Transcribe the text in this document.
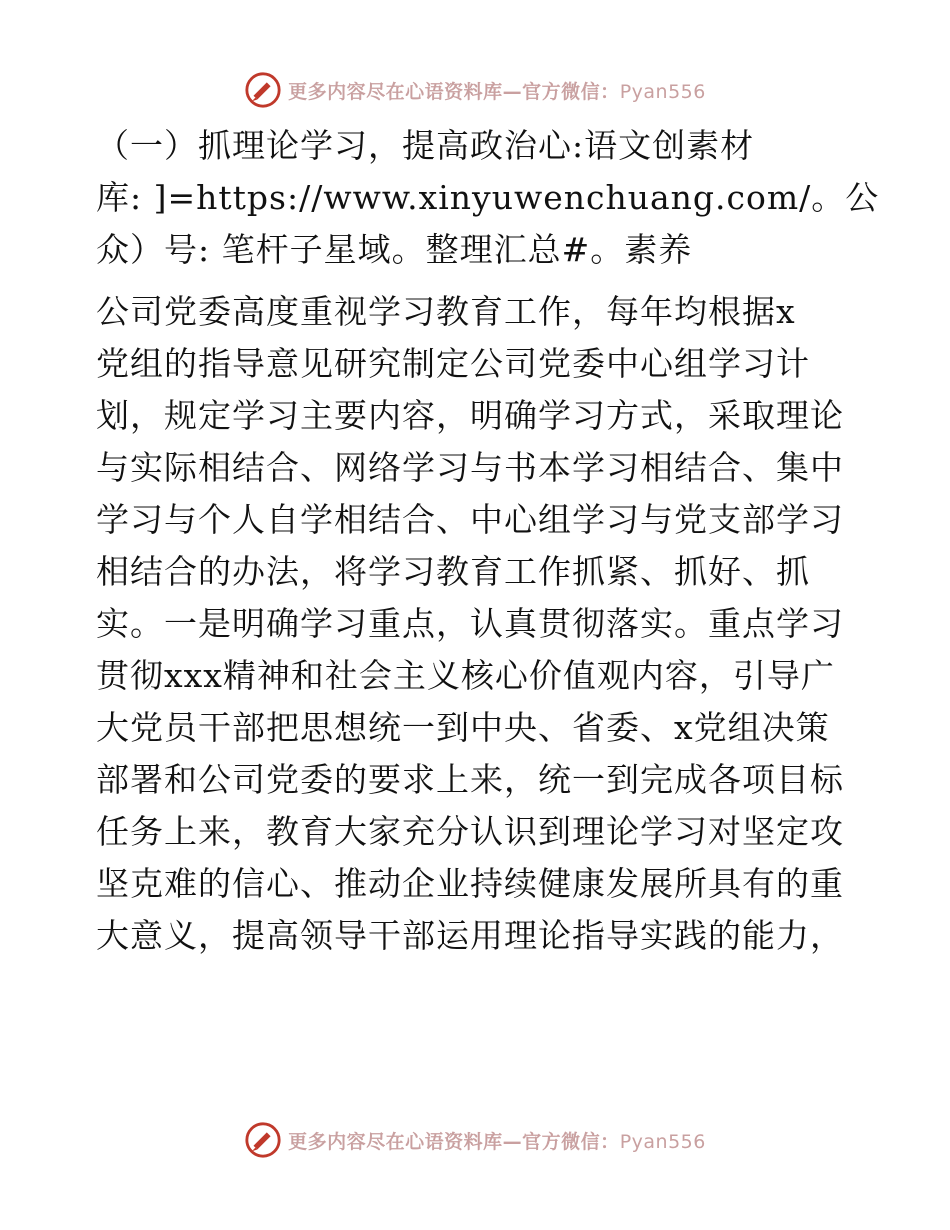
更多内容尽在心语资料库—官方微信：Pyan556
（一）抓理论学习，提高政治心:语文创素材
库: ]=https://www.xinyuwenchuang.com/。公
众）号: 笔杆子星域。整理汇总#。素养
公司党委高度重视学习教育工作，每年均根据x
党组的指导意见研究制定公司党委中心组学习计
划，规定学习主要内容，明确学习方式，采取理论
与实际相结合、网络学习与书本学习相结合、集中
学习与个人自学相结合、中心组学习与党支部学习
相结合的办法，将学习教育工作抓紧、抓好、抓
实。一是明确学习重点，认真贯彻落实。重点学习
贯彻xxx精神和社会主义核心价值观内容，引导广
大党员干部把思想统一到中央、省委、x党组决策
部署和公司党委的要求上来，统一到完成各项目标
任务上来，教育大家充分认识到理论学习对坚定攻
坚克难的信心、推动企业持续健康发展所具有的重
大意义，提高领导干部运用理论指导实践的能力，
更多内容尽在心语资料库—官方微信：Pyan556
